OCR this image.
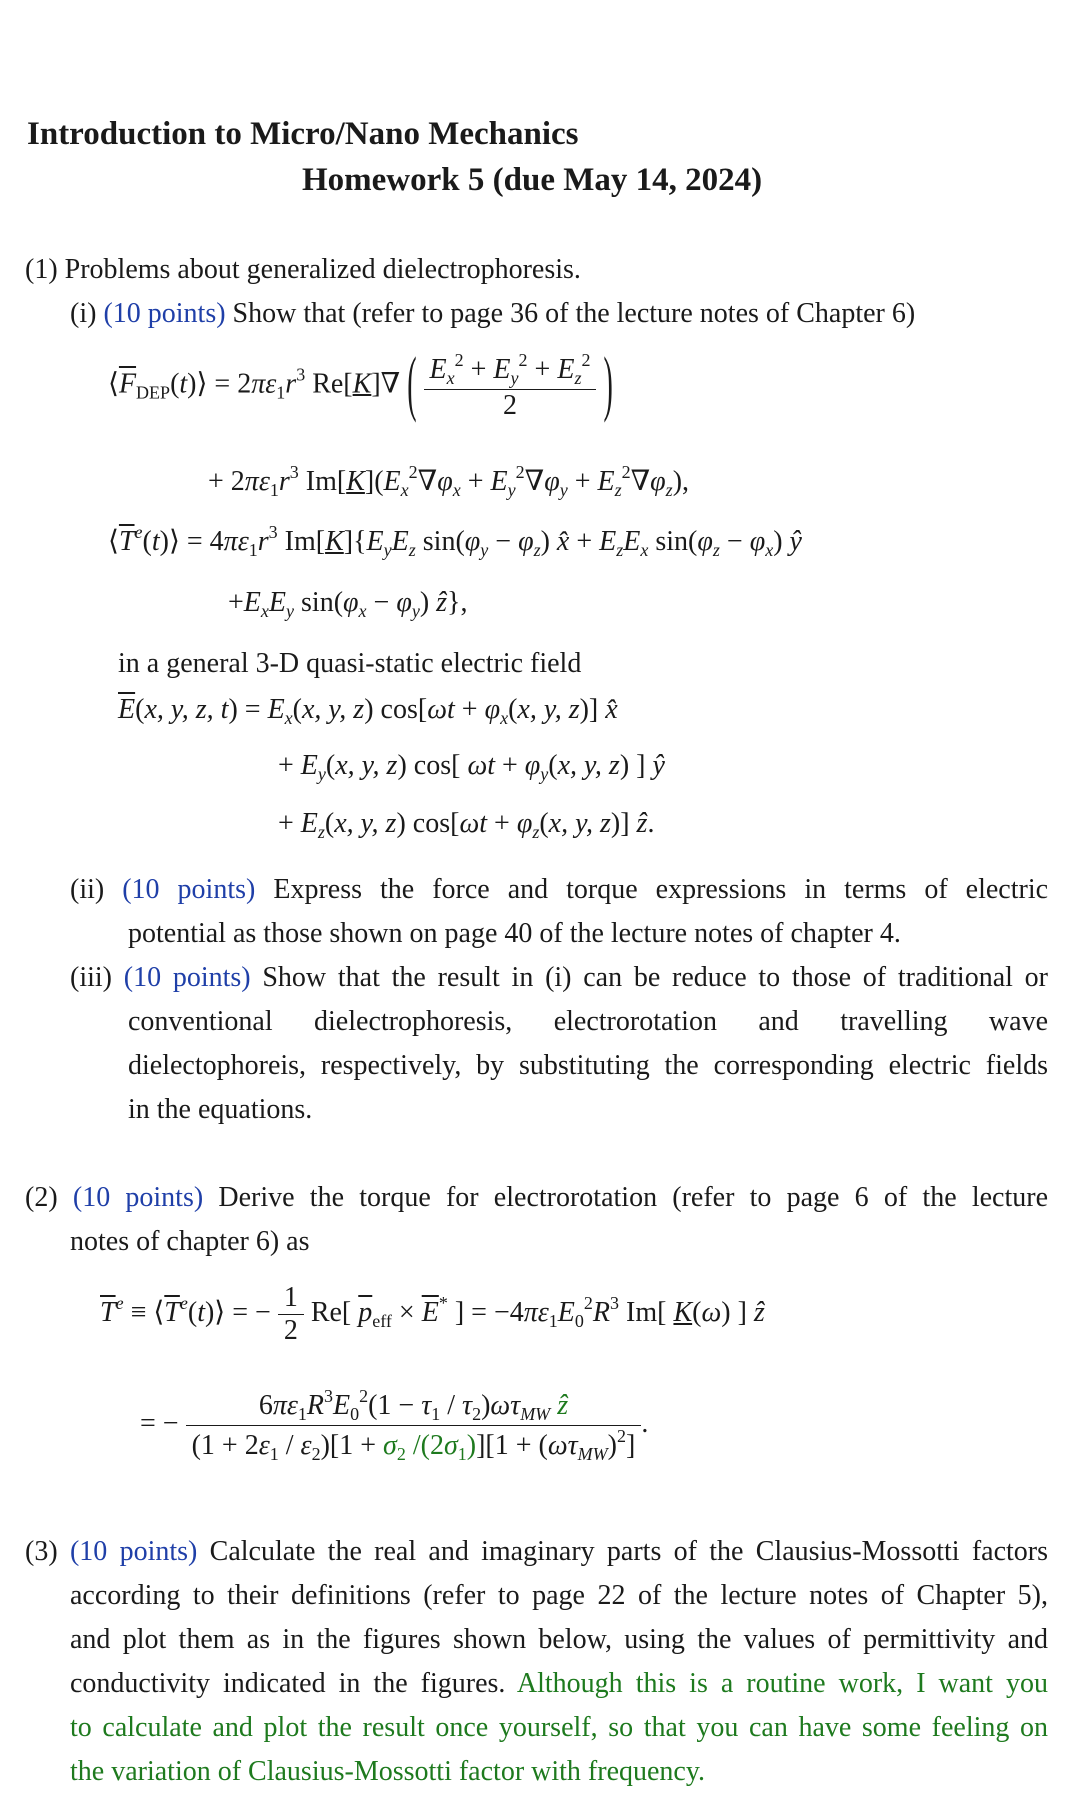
Introduction to Micro/Nano Mechanics
Homework 5 (due May 14, 2024)
(1) Problems about generalized dielectrophoresis.
(i) (10 points) Show that (refer to page 36 of the lecture notes of Chapter 6)
$⟨\overline{F}_{DEP}(t)⟩ = 2\pi\varepsilon_1r^3$ Re[K]∇ ( $\frac{E_x^2 + E_y^2 + E_z^2}{2}$ )
+ $2\pi\varepsilon_1r^3$ $Im[K](E_x^2\nabla\varphi_x + E_y^2\nabla\varphi_y + E_z^2\nabla\varphi_z)$,
$⟨\overline{T}^e(t)⟩ = 4\pi\varepsilon_1r^3$ $Im[K]\{E_yE_z$ $\sin(\varphi_y - \varphi_z)$ x̂ + $E_zE_x$ $\sin(\varphi_z - \varphi_x)$ ŷ
$+E_xE_y$ $\sin(\varphi_x - \varphi_y)$ ẑ},
in a general 3-D quasi-static electric field
$\overline{E}(x$, y, z, $t) = E_x(x$, y, z) $\cos[\omega t + \varphi_x(x$, y, z)] x̂
+ $E_y(x$, y, z) cos[ $\omega t + \varphi_y(x$, y, z) ] ŷ
+ $E_z(x$, y, z) $\cos[\omega t + \varphi_z(x$, y, z)] ẑ.
(ii) (10 points) Express the force and torque expressions in terms of electric
potential as those shown on page 40 of the lecture notes of chapter 4.
(iii) (10 points) Show that the result in (i) can be reduce to those of traditional or
conventional dielectrophoresis, electrorotation and travelling wave
dielectophoreis, respectively, by substituting the corresponding electric fields
in the equations.
(2) (10 points) Derive the torque for electrorotation (refer to page 6 of the lecture
notes of chapter 6) as
$\overline{T}^e$ ≡ $⟨\overline{T}^e(t)⟩$ = − $\frac{1}{2} Re$[ $\overline{p}_{eff} \times \overline{E}^*$ ] = $-4\pi\varepsilon_1E_0^2R^3$ Im[ K(ω) ] ẑ
= − $\frac{6\pi\varepsilon_1R^3E_0^2(1 - \tau_1 / \tau_2)\omega\tau_{MW} ẑ}{(1 + 2\varepsilon_1 / \varepsilon_2)[1 + \sigma_2 /(2\sigma_1)][1 + (\omega\tau_{MW})^2]}$ .
(3) (10 points) Calculate the real and imaginary parts of the Clausius-Mossotti factors
according to their definitions (refer to page 22 of the lecture notes of Chapter 5),
and plot them as in the figures shown below, using the values of permittivity and
conductivity indicated in the figures. Although this is a routine work, I want you
to calculate and plot the result once yourself, so that you can have some feeling on
the variation of Clausius-Mossotti factor with frequency.
